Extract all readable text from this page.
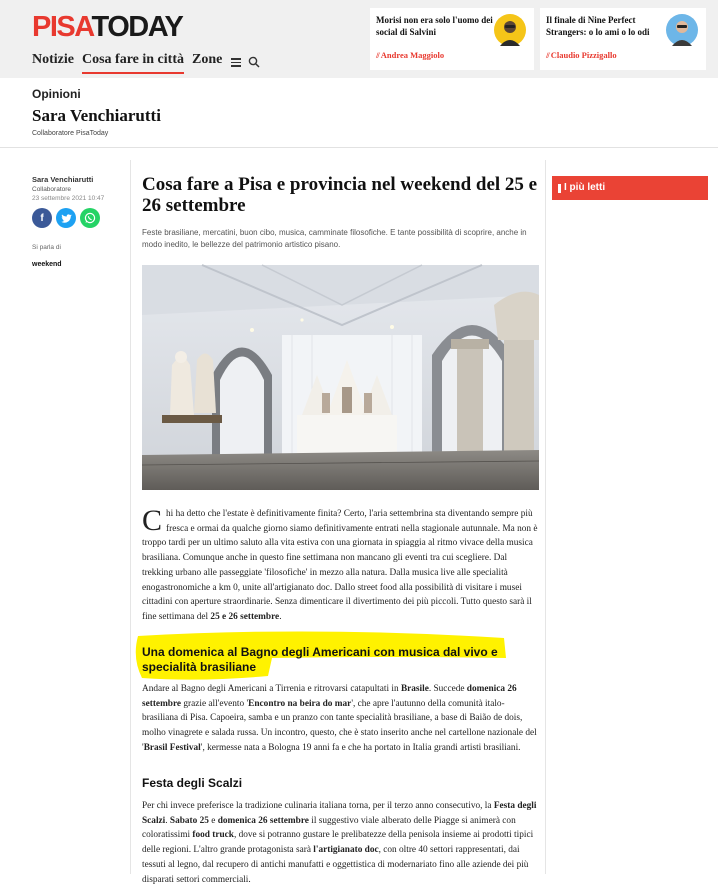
PISATODAY
Notizie Cosa fare in città Zone
Morisi non era solo l'uomo dei social di Salvini
// Andrea Maggiolo
Il finale di Nine Perfect Strangers: o lo ami o lo odi
// Claudio Pizzigallo
Opinioni
Sara Venchiarutti
Collaboratore PisaToday
Sara Venchiarutti
Collaboratore
23 settembre 2021 10:47
f
Si parla di
weekend
Cosa fare a Pisa e provincia nel weekend del 25 e 26 settembre

Feste brasiliane, mercatini, buon cibo, musica, camminate filosofiche. E tante possibilità di scoprire, anche in modo inedito, le bellezze del patrimonio artistico pisano.

Chi ha detto che l'estate è definitivamente finita? Certo, l'aria settembrina sta diventando sempre più fresca e ormai da qualche giorno siamo definitivamente entrati nella stagionale autunnale. Ma non è troppo tardi per un ultimo saluto alla vita estiva con una giornata in spiaggia al ritmo vivace della musica brasiliana. Comunque anche in questo fine settimana non mancano gli eventi tra cui scegliere. Dal trekking urbano alle passeggiate 'filosofiche' in mezzo alla natura. Dalla musica live alle specialità enogastronomiche a km 0, unite all'artigianato doc. Dallo street food alla possibilità di visitare i musei cittadini con aperture straordinarie. Senza dimenticare il divertimento dei più piccoli. Tutto questo sarà il fine settimana del 25 e 26 settembre.
Una domenica al Bagno degli Americani con musica dal vivo e specialità brasiliane
Andare al Bagno degli Americani a Tirrenia e ritrovarsi catapultati in Brasile. Succede domenica 26 settembre grazie all'evento 'Encontro na beira do mar', che apre l'autunno della comunità italo-brasiliana di Pisa. Capoeira, samba e un pranzo con tante specialità brasiliane, a base di Baião de dois, molho vinagrete e salada russa. Un incontro, questo, che è stato inserito anche nel cartellone nazionale del 'Brasil Festival', kermesse nata a Bologna 19 anni fa e che ha portato in Italia grandi artisti brasiliani.
Festa degli Scalzi
Per chi invece preferisce la tradizione culinaria italiana torna, per il terzo anno consecutivo, la Festa degli Scalzi. Sabato 25 e domenica 26 settembre il suggestivo viale alberato delle Piagge si animerà con coloratissimi food truck, dove si potranno gustare le prelibatezze della penisola insieme ai prodotti tipici delle regioni. L'altro grande protagonista sarà l'artigianato doc, con oltre 40 settori rappresentati, dai tessuti al legno, dal recupero di antichi manufatti e oggettistica di modernariato fino alle aziende dei più disparati settori commerciali.
I più letti
